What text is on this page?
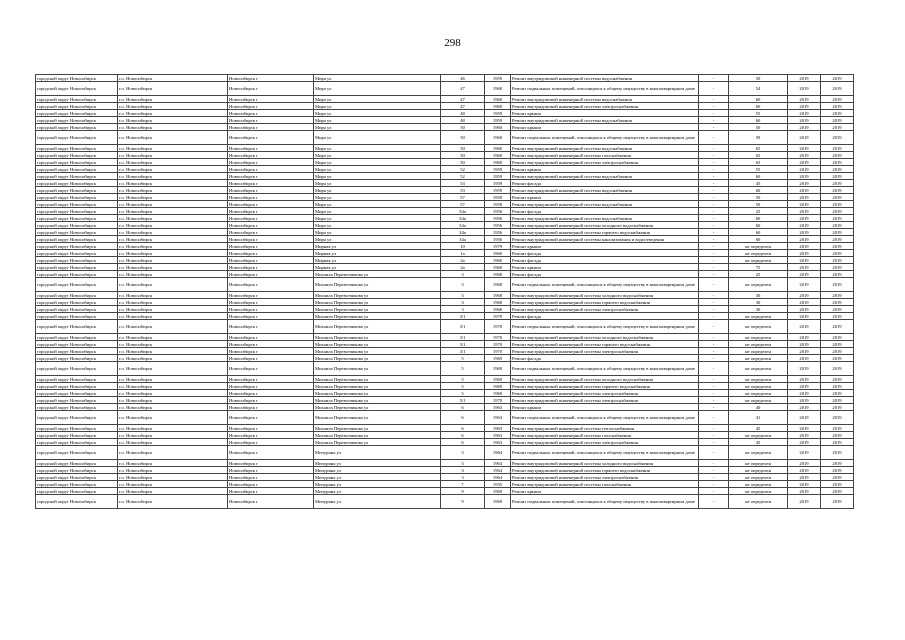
298
городской округ Новосибирск	г.о. Новосибирск	Новосибирск г	Мира ул	46	1959	Ремонт внутридомовой инженерной системы водоснабжения	-	50	2019	2019
городской округ Новосибирск	г.о. Новосибирск	Новосибирск г	Мира ул	47	1960	Ремонт подвальных помещений, относящихся к общему имуществу в многоквартирном доме	-	54	2019	2019
городской округ Новосибирск	г.о. Новосибирск	Новосибирск г	Мира ул	47	1960	Ремонт внутридомовой инженерной системы водоснабжения	-	60	2019	2019
городской округ Новосибирск	г.о. Новосибирск	Новосибирск г	Мира ул	47	1960	Ремонт внутридомовой инженерной системы электроснабжения	-	60	2019	2019
городской округ Новосибирск	г.о. Новосибирск	Новосибирск г	Мира ул	48	1959	Ремонт крыши	-	55	2019	2019
городской округ Новосибирск	г.о. Новосибирск	Новосибирск г	Мира ул	48	1959	Ремонт внутридомовой инженерной системы водоснабжения	-	60	2019	2019
городской округ Новосибирск	г.о. Новосибирск	Новосибирск г	Мира ул	50	1960	Ремонт крыши	-	50	2019	2019
городской округ Новосибирск	г.о. Новосибирск	Новосибирск г	Мира ул	50	1960	Ремонт подвальных помещений, относящихся к общему имуществу в многоквартирном доме	-	59	2019	2019
городской округ Новосибирск	г.о. Новосибирск	Новосибирск г	Мира ул	50	1960	Ремонт внутридомовой инженерной системы водоснабжения	-	65	2019	2019
городской округ Новосибирск	г.о. Новосибирск	Новосибирск г	Мира ул	50	1960	Ремонт внутридомовой инженерной системы газоснабжения	-	65	2019	2019
городской округ Новосибирск	г.о. Новосибирск	Новосибирск г	Мира ул	50	1960	Ремонт внутридомовой инженерной системы электроснабжения	-	65	2019	2019
городской округ Новосибирск	г.о. Новосибирск	Новосибирск г	Мира ул	52	1959	Ремонт крыши	-	55	2019	2019
городской округ Новосибирск	г.о. Новосибирск	Новосибирск г	Мира ул	52	1959	Ремонт внутридомовой инженерной системы водоснабжения	-	60	2019	2019
городской округ Новосибирск	г.о. Новосибирск	Новосибирск г	Мира ул	53	1959	Ремонт фасада	-	45	2019	2019
городской округ Новосибирск	г.о. Новосибирск	Новосибирск г	Мира ул	53	1959	Ремонт внутридомовой инженерной системы водоснабжения	-	60	2019	2019
городской округ Новосибирск	г.о. Новосибирск	Новосибирск г	Мира ул	57	1958	Ремонт крыши	-	50	2019	2019
городской округ Новосибирск	г.о. Новосибирск	Новосибирск г	Мира ул	57	1958	Ремонт внутридомовой инженерной системы водоснабжения	-	50	2019	2019
городской округ Новосибирск	г.о. Новосибирск	Новосибирск г	Мира ул	34а	1956	Ремонт фасада	-	25	2019	2019
городской округ Новосибирск	г.о. Новосибирск	Новосибирск г	Мира ул	34а	1956	Ремонт внутридомовой инженерной системы водоснабжения	-	60	2019	2019
городской округ Новосибирск	г.о. Новосибирск	Новосибирск г	Мира ул	34а	1956	Ремонт внутридомовой инженерной системы холодного водоснабжения	-	60	2019	2019
городской округ Новосибирск	г.о. Новосибирск	Новосибирск г	Мира ул	34а	1956	Ремонт внутридомовой инженерной системы горячего водоснабжения	-	60	2019	2019
городской округ Новосибирск	г.о. Новосибирск	Новосибирск г	Мира ул	34а	1956	Ремонт внутридомовой инженерной системы канализования и водоотведения	-	60	2019	2019
городской округ Новосибирск	г.о. Новосибирск	Новосибирск г	Мирная ул	10	1979	Ремонт крыши	-	не определен	2019	2019
городской округ Новосибирск	г.о. Новосибирск	Новосибирск г	Мирная ул	1а	1960	Ремонт фасада	-	не определен	2019	2019
городской округ Новосибирск	г.о. Новосибирск	Новосибирск г	Мирная ул	2а	1960	Ремонт фасада	-	не определен	2019	2019
городской округ Новосибирск	г.о. Новосибирск	Новосибирск г	Мирная ул	2а	1960	Ремонт крыши	-	75	2019	2019
городской округ Новосибирск	г.о. Новосибирск	Новосибирск г	Михаила Перевозчикова ул	3	1968	Ремонт фасада	-	25	2019	2019
городской округ Новосибирск	г.о. Новосибирск	Новосибирск г	Михаила Перевозчикова ул	3	1968	Ремонт подвальных помещений, относящихся к общему имуществу в многоквартирном доме	-	не определен	2019	2019
городской округ Новосибирск	г.о. Новосибирск	Новосибирск г	Михаила Перевозчикова ул	3	1968	Ремонт внутридомовой инженерной системы холодного водоснабжения	-	30	2019	2019
городской округ Новосибирск	г.о. Новосибирск	Новосибирск г	Михаила Перевозчикова ул	3	1968	Ремонт внутридомовой инженерной системы горячего водоснабжения	-	30	2019	2019
городской округ Новосибирск	г.о. Новосибирск	Новосибирск г	Михаила Перевозчикова ул	3	1968	Ремонт внутридомовой инженерной системы электроснабжения	-	30	2019	2019
городской округ Новосибирск	г.о. Новосибирск	Новосибирск г	Михаила Перевозчикова ул	3/1	1970	Ремонт фасада	-	не определен	2019	2019
городской округ Новосибирск	г.о. Новосибирск	Новосибирск г	Михаила Перевозчикова ул	3/1	1970	Ремонт подвальных помещений, относящихся к общему имуществу в многоквартирном доме	-	не определен	2019	2019
городской округ Новосибирск	г.о. Новосибирск	Новосибирск г	Михаила Перевозчикова ул	3/1	1970	Ремонт внутридомовой инженерной системы холодного водоснабжения	-	не определен	2019	2019
городской округ Новосибирск	г.о. Новосибирск	Новосибирск г	Михаила Перевозчикова ул	3/1	1970	Ремонт внутридомовой инженерной системы горячего водоснабжения	-	не определен	2019	2019
городской округ Новосибирск	г.о. Новосибирск	Новосибирск г	Михаила Перевозчикова ул	3/1	1970	Ремонт внутридомовой инженерной системы электроснабжения	-	не определен	2019	2019
городской округ Новосибирск	г.о. Новосибирск	Новосибирск г	Михаила Перевозчикова ул	5	1969	Ремонт фасада	-	не определен	2019	2019
городской округ Новосибирск	г.о. Новосибирск	Новосибирск г	Михаила Перевозчикова ул	5	1969	Ремонт подвальных помещений, относящихся к общему имуществу в многоквартирном доме	-	не определен	2019	2019
городской округ Новосибирск	г.о. Новосибирск	Новосибирск г	Михаила Перевозчикова ул	5	1969	Ремонт внутридомовой инженерной системы холодного водоснабжения	-	не определен	2019	2019
городской округ Новосибирск	г.о. Новосибирск	Новосибирск г	Михаила Перевозчикова ул	5	1969	Ремонт внутридомовой инженерной системы горячего водоснабжения	-	не определен	2019	2019
городской округ Новосибирск	г.о. Новосибирск	Новосибирск г	Михаила Перевозчикова ул	5	1969	Ремонт внутридомовой инженерной системы электроснабжения	-	не определен	2019	2019
городской округ Новосибирск	г.о. Новосибирск	Новосибирск г	Михаила Перевозчикова ул	5/1	1970	Ремонт внутридомовой инженерной системы электроснабжения	-	не определен	2019	2019
городской округ Новосибирск	г.о. Новосибирск	Новосибирск г	Михаила Перевозчикова ул	6	1963	Ремонт крыши	-	40	2019	2019
городской округ Новосибирск	г.о. Новосибирск	Новосибирск г	Михаила Перевозчикова ул	6	1963	Ремонт подвальных помещений, относящихся к общему имуществу в многоквартирном доме	-	41	2019	2019
городской округ Новосибирск	г.о. Новосибирск	Новосибирск г	Михаила Перевозчикова ул	6	1963	Ремонт внутридомовой инженерной системы теплоснабжения	-	45	2019	2019
городской округ Новосибирск	г.о. Новосибирск	Новосибирск г	Михаила Перевозчикова ул	6	1963	Ремонт внутридомовой инженерной системы газоснабжения	-	не определен	2019	2019
городской округ Новосибирск	г.о. Новосибирск	Новосибирск г	Михаила Перевозчикова ул	6	1963	Ремонт внутридомовой инженерной системы электроснабжения	-	45	2019	2019
городской округ Новосибирск	г.о. Новосибирск	Новосибирск г	Мичурина ул	3	1964	Ремонт подвальных помещений, относящихся к общему имуществу в многоквартирном доме	-	не определен	2019	2019
городской округ Новосибирск	г.о. Новосибирск	Новосибирск г	Мичурина ул	3	1964	Ремонт внутридомовой инженерной системы холодного водоснабжения	-	не определен	2019	2019
городской округ Новосибирск	г.о. Новосибирск	Новосибирск г	Мичурина ул	3	1964	Ремонт внутридомовой инженерной системы горячего водоснабжения	-	не определен	2019	2019
городской округ Новосибирск	г.о. Новосибирск	Новосибирск г	Мичурина ул	3	1964	Ремонт внутридомовой инженерной системы электроснабжения	-	не определен	2019	2019
городской округ Новосибирск	г.о. Новосибирск	Новосибирск г	Мичурина ул	7	1935	Ремонт внутридомовой инженерной системы газоснабжения	-	не определен	2019	2019
городской округ Новосибирск	г.о. Новосибирск	Новосибирск г	Мичурина ул	9	1969	Ремонт крыши	-	не определен	2019	2019
городской округ Новосибирск	г.о. Новосибирск	Новосибирск г	Мичурина ул	9	1969	Ремонт подвальных помещений, относящихся к общему имуществу в многоквартирном доме	-	не определен	2019	2019
